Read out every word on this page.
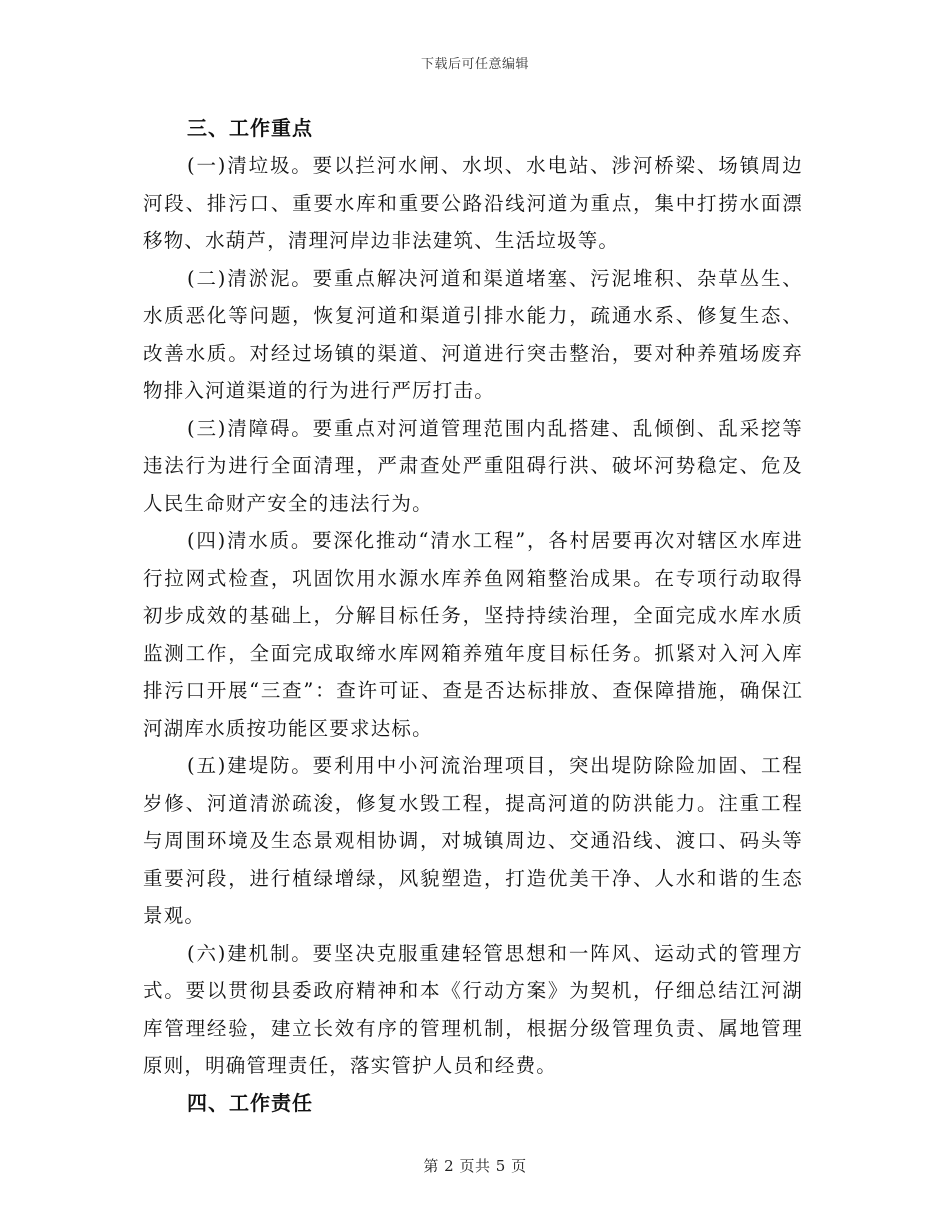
下载后可任意编辑
三、工作重点

(一)清垃圾。要以拦河水闸、水坝、水电站、涉河桥梁、场镇周边河段、排污口、重要水库和重要公路沿线河道为重点，集中打捞水面漂移物、水葫芦，清理河岸边非法建筑、生活垃圾等。

(二)清淤泥。要重点解决河道和渠道堵塞、污泥堆积、杂草丛生、水质恶化等问题，恢复河道和渠道引排水能力，疏通水系、修复生态、改善水质。对经过场镇的渠道、河道进行突击整治，要对种养殖场废弃物排入河道渠道的行为进行严厉打击。

(三)清障碍。要重点对河道管理范围内乱搭建、乱倾倒、乱采挖等违法行为进行全面清理，严肃查处严重阻碍行洪、破坏河势稳定、危及人民生命财产安全的违法行为。

(四)清水质。要深化推动“清水工程”，各村居要再次对辖区水库进行拉网式检查，巩固饮用水源水库养鱼网箱整治成果。在专项行动取得初步成效的基础上，分解目标任务，坚持持续治理，全面完成水库水质监测工作，全面完成取缔水库网箱养殖年度目标任务。抓紧对入河入库排污口开展“三查”：查许可证、查是否达标排放、查保障措施，确保江河湖库水质按功能区要求达标。

(五)建堤防。要利用中小河流治理项目，突出堤防除险加固、工程岁修、河道清淤疏浚，修复水毁工程，提高河道的防洪能力。注重工程与周围环境及生态景观相协调，对城镇周边、交通沿线、渡口、码头等重要河段，进行植绿增绿，风貌塑造，打造优美干净、人水和谐的生态景观。

(六)建机制。要坚决克服重建轻管思想和一阵风、运动式的管理方式。要以贯彻县委政府精神和本《行动方案》为契机，仔细总结江河湖库管理经验，建立长效有序的管理机制，根据分级管理负责、属地管理原则，明确管理责任，落实管护人员和经费。

四、工作责任
第 2 页共 5 页
